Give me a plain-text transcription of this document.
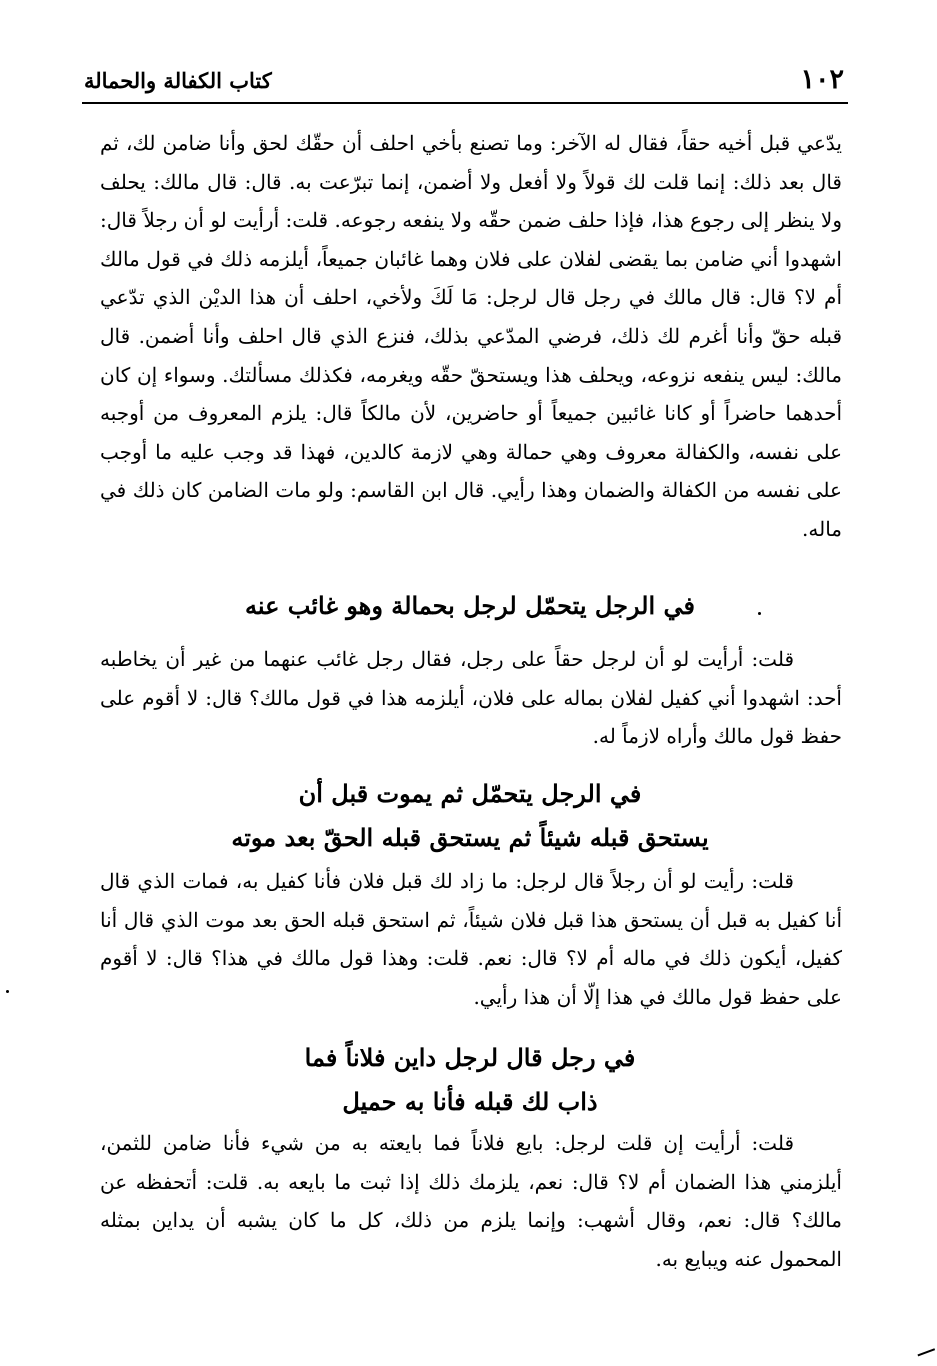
١٠٢
كتاب الكفالة والحمالة

يدّعي قبل أخيه حقاً، فقال له الآخر: وما تصنع بأخي احلف أن حقّك لحق وأنا ضامن لك، ثم قال بعد ذلك: إنما قلت لك قولاً ولا أفعل ولا أضمن، إنما تبرّعت به. قال: قال مالك: يحلف ولا ينظر إلى رجوع هذا، فإذا حلف ضمن حقّه ولا ينفعه رجوعه. قلت: أرأيت لو أن رجلاً قال: اشهدوا أني ضامن بما يقضى لفلان على فلان وهما غائبان جميعاً، أيلزمه ذلك في قول مالك أم لا؟ قال: قال مالك في رجل قال لرجل: مَا لَكَ ولأخي، احلف أن هذا الديْن الذي تدّعي قبله حقّ وأنا أغرم لك ذلك، فرضي المدّعي بذلك، فنزع الذي قال احلف وأنا أضمن. قال مالك: ليس ينفعه نزوعه، ويحلف هذا ويستحقّ حقّه ويغرمه، فكذلك مسألتك. وسواء إن كان أحدهما حاضراً أو كانا غائبين جميعاً أو حاضرين، لأن مالكاً قال: يلزم المعروف من أوجبه على نفسه، والكفالة معروف وهي حمالة وهي لازمة كالدين، فهذا قد وجب عليه ما أوجب على نفسه من الكفالة والضمان وهذا رأيي. قال ابن القاسم: ولو مات الضامن كان ذلك في ماله.

في الرجل يتحمّل لرجل بحمالة وهو غائب عنه

قلت: أرأيت لو أن لرجل حقاً على رجل، فقال رجل غائب عنهما من غير أن يخاطبه أحد: اشهدوا أني كفيل لفلان بماله على فلان، أيلزمه هذا في قول مالك؟ قال: لا أقوم على حفظ قول مالك وأراه لازماً له.

في الرجل يتحمّل ثم يموت قبل أن
يستحق قبله شيئاً ثم يستحق قبله الحقّ بعد موته

قلت: رأيت لو أن رجلاً قال لرجل: ما زاد لك قبل فلان فأنا كفيل به، فمات الذي قال أنا كفيل به قبل أن يستحق هذا قبل فلان شيئاً، ثم استحق قبله الحق بعد موت الذي قال أنا كفيل، أيكون ذلك في ماله أم لا؟ قال: نعم. قلت: وهذا قول مالك في هذا؟ قال: لا أقوم على حفظ قول مالك في هذا إلّا أن هذا رأيي.

في رجل قال لرجل داين فلاناً فما
ذاب لك قبله فأنا به حميل

قلت: أرأيت إن قلت لرجل: بايع فلاناً فما بايعته به من شيء فأنا ضامن للثمن، أيلزمني هذا الضمان أم لا؟ قال: نعم، يلزمك ذلك إذا ثبت ما بايعه به. قلت: أتحفظه عن مالك؟ قال: نعم، وقال أشهب: وإنما يلزم من ذلك، كل ما كان يشبه أن يداين بمثله المحمول عنه ويبايع به.
